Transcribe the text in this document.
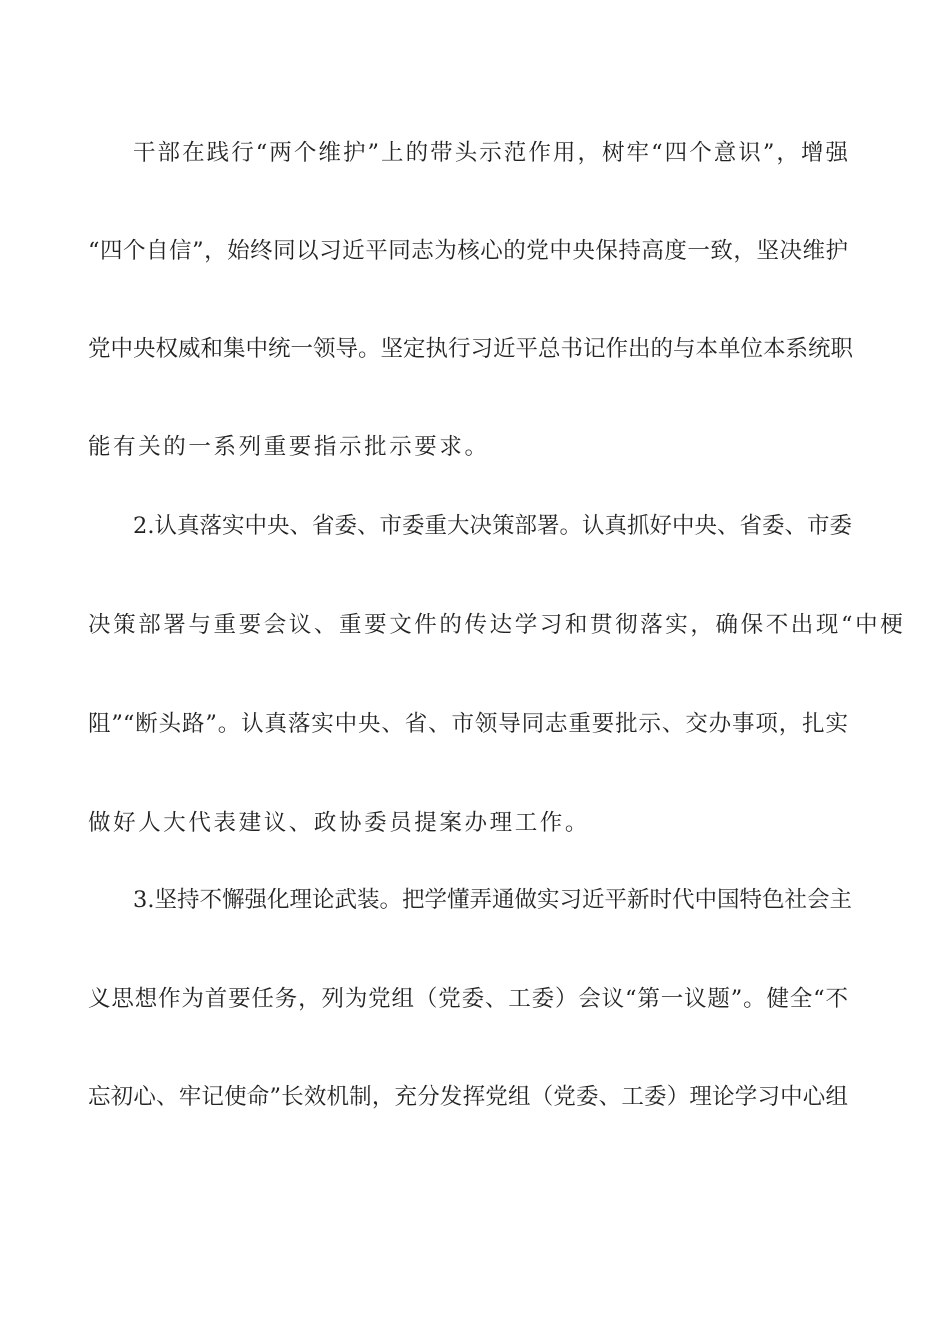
干部在践行“两个维护”上的带头示范作用，树牢“四个意识”，增强
“四个自信”，始终同以习近平同志为核心的党中央保持高度一致，坚决维护
党中央权威和集中统一领导。坚定执行习近平总书记作出的与本单位本系统职
能有关的一系列重要指示批示要求。
2.认真落实中央、省委、市委重大决策部署。认真抓好中央、省委、市委
决策部署与重要会议、重要文件的传达学习和贯彻落实，确保不出现“中梗
阻”“断头路”。认真落实中央、省、市领导同志重要批示、交办事项，扎实
做好人大代表建议、政协委员提案办理工作。
3.坚持不懈强化理论武装。把学懂弄通做实习近平新时代中国特色社会主
义思想作为首要任务，列为党组（党委、工委）会议“第一议题”。健全“不
忘初心、牢记使命”长效机制，充分发挥党组（党委、工委）理论学习中心组
